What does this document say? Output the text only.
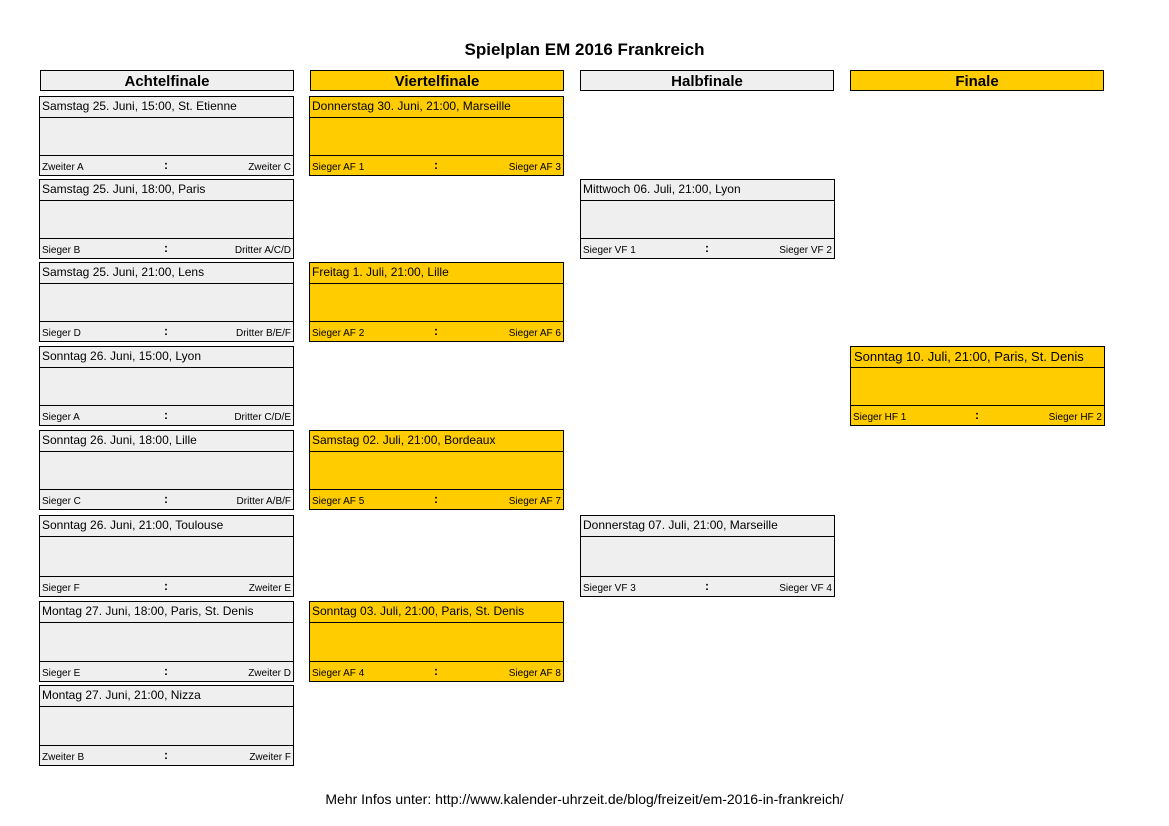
Spielplan EM 2016 Frankreich
Achtelfinale	Viertelfinale	Halbfinale	Finale
Samstag 25. Juni, 15:00, St. Etienne
Zweiter A	:	Zweiter C
Samstag 25. Juni, 18:00, Paris
Sieger B	:	Dritter A/C/D
Samstag 25. Juni, 21:00, Lens
Sieger D	:	Dritter B/E/F
Sonntag 26. Juni, 15:00, Lyon
Sieger A	:	Dritter C/D/E
Sonntag 26. Juni, 18:00, Lille
Sieger C	:	Dritter A/B/F
Sonntag 26. Juni, 21:00, Toulouse
Sieger F	:	Zweiter E
Montag 27. Juni, 18:00, Paris, St. Denis
Sieger E	:	Zweiter D
Montag 27. Juni, 21:00, Nizza
Zweiter B	:	Zweiter F
Donnerstag 30. Juni, 21:00, Marseille
Sieger AF 1	:	Sieger AF 3
Freitag 1. Juli, 21:00, Lille
Sieger AF 2	:	Sieger AF 6
Samstag 02. Juli, 21:00, Bordeaux
Sieger AF 5	:	Sieger AF 7
Sonntag 03. Juli, 21:00, Paris, St. Denis
Sieger AF 4	:	Sieger AF 8
Mittwoch 06. Juli, 21:00, Lyon
Sieger VF 1	:	Sieger VF 2
Donnerstag 07. Juli, 21:00, Marseille
Sieger VF 3	:	Sieger VF 4
Sonntag 10. Juli, 21:00, Paris, St. Denis
Sieger HF 1	:	Sieger HF 2
Mehr Infos unter: http://www.kalender-uhrzeit.de/blog/freizeit/em-2016-in-frankreich/
